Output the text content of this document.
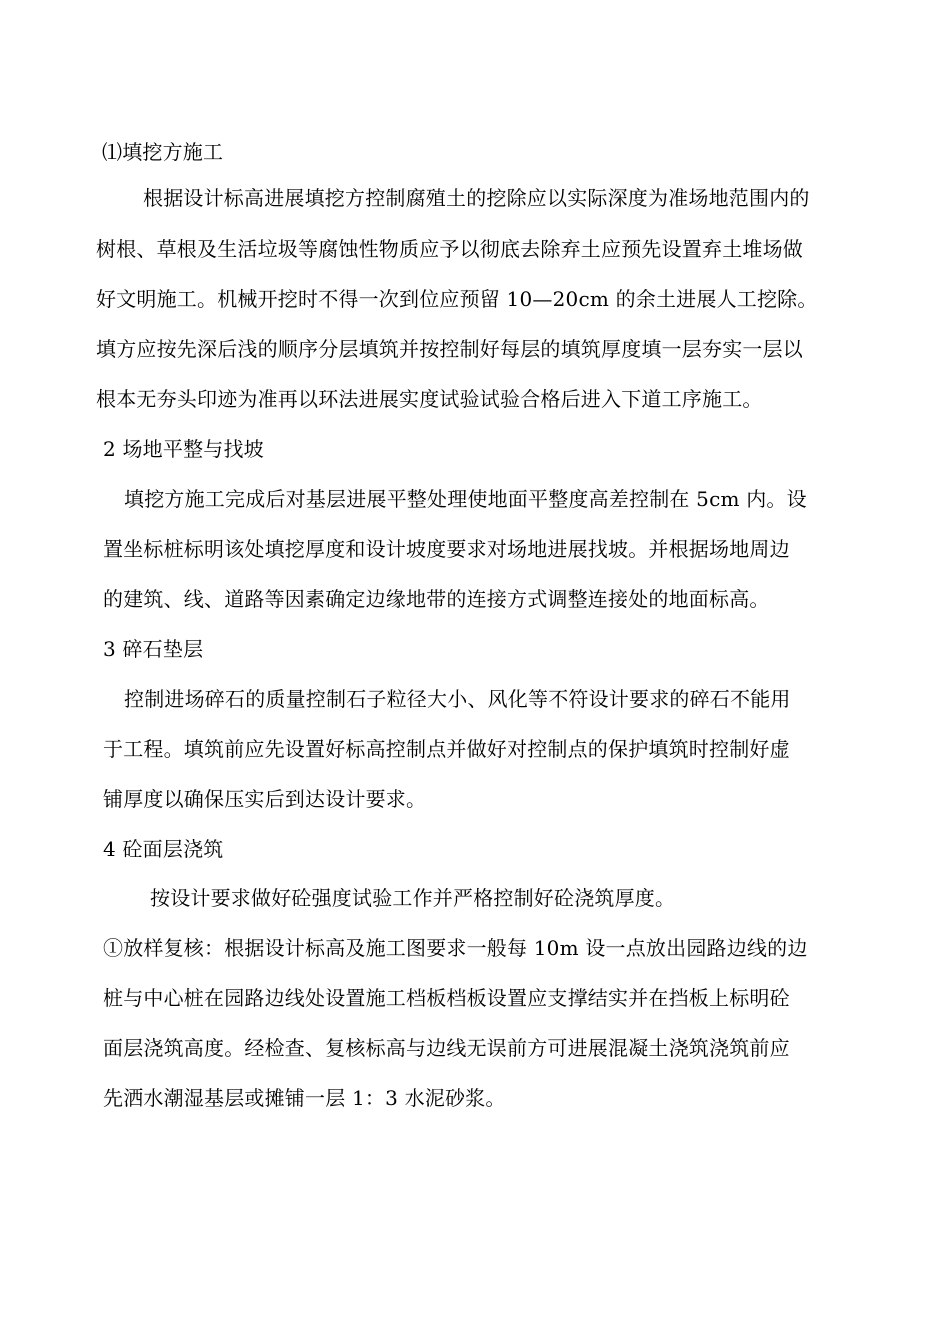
⑴填挖方施工
根据设计标高进展填挖方控制腐殖土的挖除应以实际深度为准场地范围内的
树根、草根及生活垃圾等腐蚀性物质应予以彻底去除弃土应预先设置弃土堆场做
好文明施工。机械开挖时不得一次到位应预留 10—20cm 的余土进展人工挖除。
填方应按先深后浅的顺序分层填筑并按控制好每层的填筑厚度填一层夯实一层以
根本无夯头印迹为准再以环法进展实度试验试验合格后进入下道工序施工。
2 场地平整与找坡
填挖方施工完成后对基层进展平整处理使地面平整度高差控制在 5cm 内。设
置坐标桩标明该处填挖厚度和设计坡度要求对场地进展找坡。并根据场地周边
的建筑、线、道路等因素确定边缘地带的连接方式调整连接处的地面标高。
3 碎石垫层
控制进场碎石的质量控制石子粒径大小、风化等不符设计要求的碎石不能用
于工程。填筑前应先设置好标高控制点并做好对控制点的保护填筑时控制好虚
铺厚度以确保压实后到达设计要求。
4 砼面层浇筑
按设计要求做好砼强度试验工作并严格控制好砼浇筑厚度。
①放样复核：根据设计标高及施工图要求一般每 10m 设一点放出园路边线的边
桩与中心桩在园路边线处设置施工档板档板设置应支撑结实并在挡板上标明砼
面层浇筑高度。经检查、复核标高与边线无误前方可进展混凝土浇筑浇筑前应
先洒水潮湿基层或摊铺一层 1：3 水泥砂浆。
